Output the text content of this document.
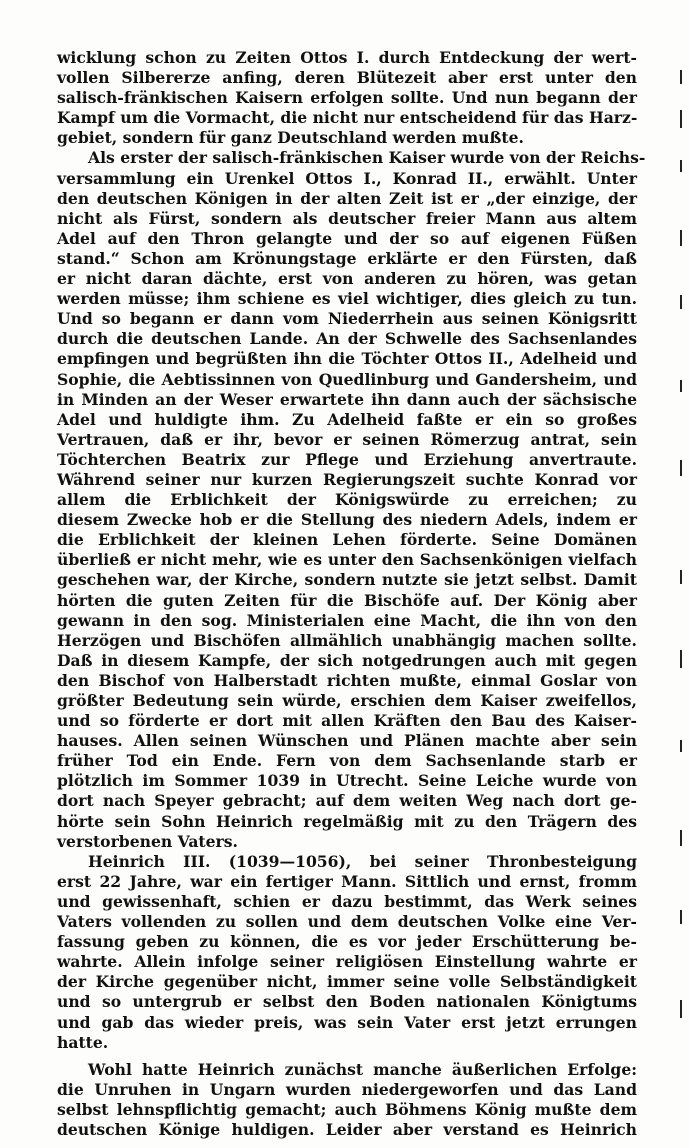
wicklung schon zu Zeiten Ottos I. durch Entdeckung der wert-
vollen Silbererze anfing, deren Blütezeit aber erst unter den
salisch-fränkischen Kaisern erfolgen sollte. Und nun begann der
Kampf um die Vormacht, die nicht nur entscheidend für das Harz-
gebiet, sondern für ganz Deutschland werden mußte.
Als erster der salisch-fränkischen Kaiser wurde von der Reichs-
versammlung ein Urenkel Ottos I., Konrad II., erwählt. Unter
den deutschen Königen in der alten Zeit ist er „der einzige, der
nicht als Fürst, sondern als deutscher freier Mann aus altem
Adel auf den Thron gelangte und der so auf eigenen Füßen
stand.“ Schon am Krönungstage erklärte er den Fürsten, daß
er nicht daran dächte, erst von anderen zu hören, was getan
werden müsse; ihm schiene es viel wichtiger, dies gleich zu tun.
Und so begann er dann vom Niederrhein aus seinen Königsritt
durch die deutschen Lande. An der Schwelle des Sachsenlandes
empfingen und begrüßten ihn die Töchter Ottos II., Adelheid und
Sophie, die Aebtissinnen von Quedlinburg und Gandersheim, und
in Minden an der Weser erwartete ihn dann auch der sächsische
Adel und huldigte ihm. Zu Adelheid faßte er ein so großes
Vertrauen, daß er ihr, bevor er seinen Römerzug antrat, sein
Töchterchen Beatrix zur Pflege und Erziehung anvertraute.
Während seiner nur kurzen Regierungszeit suchte Konrad vor
allem die Erblichkeit der Königswürde zu erreichen; zu
diesem Zwecke hob er die Stellung des niedern Adels, indem er
die Erblichkeit der kleinen Lehen förderte. Seine Domänen
überließ er nicht mehr, wie es unter den Sachsenkönigen vielfach
geschehen war, der Kirche, sondern nutzte sie jetzt selbst. Damit
hörten die guten Zeiten für die Bischöfe auf. Der König aber
gewann in den sog. Ministerialen eine Macht, die ihn von den
Herzögen und Bischöfen allmählich unabhängig machen sollte.
Daß in diesem Kampfe, der sich notgedrungen auch mit gegen
den Bischof von Halberstadt richten mußte, einmal Goslar von
größter Bedeutung sein würde, erschien dem Kaiser zweifellos,
und so förderte er dort mit allen Kräften den Bau des Kaiser-
hauses. Allen seinen Wünschen und Plänen machte aber sein
früher Tod ein Ende. Fern von dem Sachsenlande starb er
plötzlich im Sommer 1039 in Utrecht. Seine Leiche wurde von
dort nach Speyer gebracht; auf dem weiten Weg nach dort ge-
hörte sein Sohn Heinrich regelmäßig mit zu den Trägern des
verstorbenen Vaters.
Heinrich III. (1039—1056), bei seiner Thronbesteigung
erst 22 Jahre, war ein fertiger Mann. Sittlich und ernst, fromm
und gewissenhaft, schien er dazu bestimmt, das Werk seines
Vaters vollenden zu sollen und dem deutschen Volke eine Ver-
fassung geben zu können, die es vor jeder Erschütterung be-
wahrte. Allein infolge seiner religiösen Einstellung wahrte er
der Kirche gegenüber nicht, immer seine volle Selbständigkeit
und so untergrub er selbst den Boden nationalen Königtums
und gab das wieder preis, was sein Vater erst jetzt errungen
hatte.
Wohl hatte Heinrich zunächst manche äußerlichen Erfolge:
die Unruhen in Ungarn wurden niedergeworfen und das Land
selbst lehnspflichtig gemacht; auch Böhmens König mußte dem
deutschen Könige huldigen. Leider aber verstand es Heinrich
